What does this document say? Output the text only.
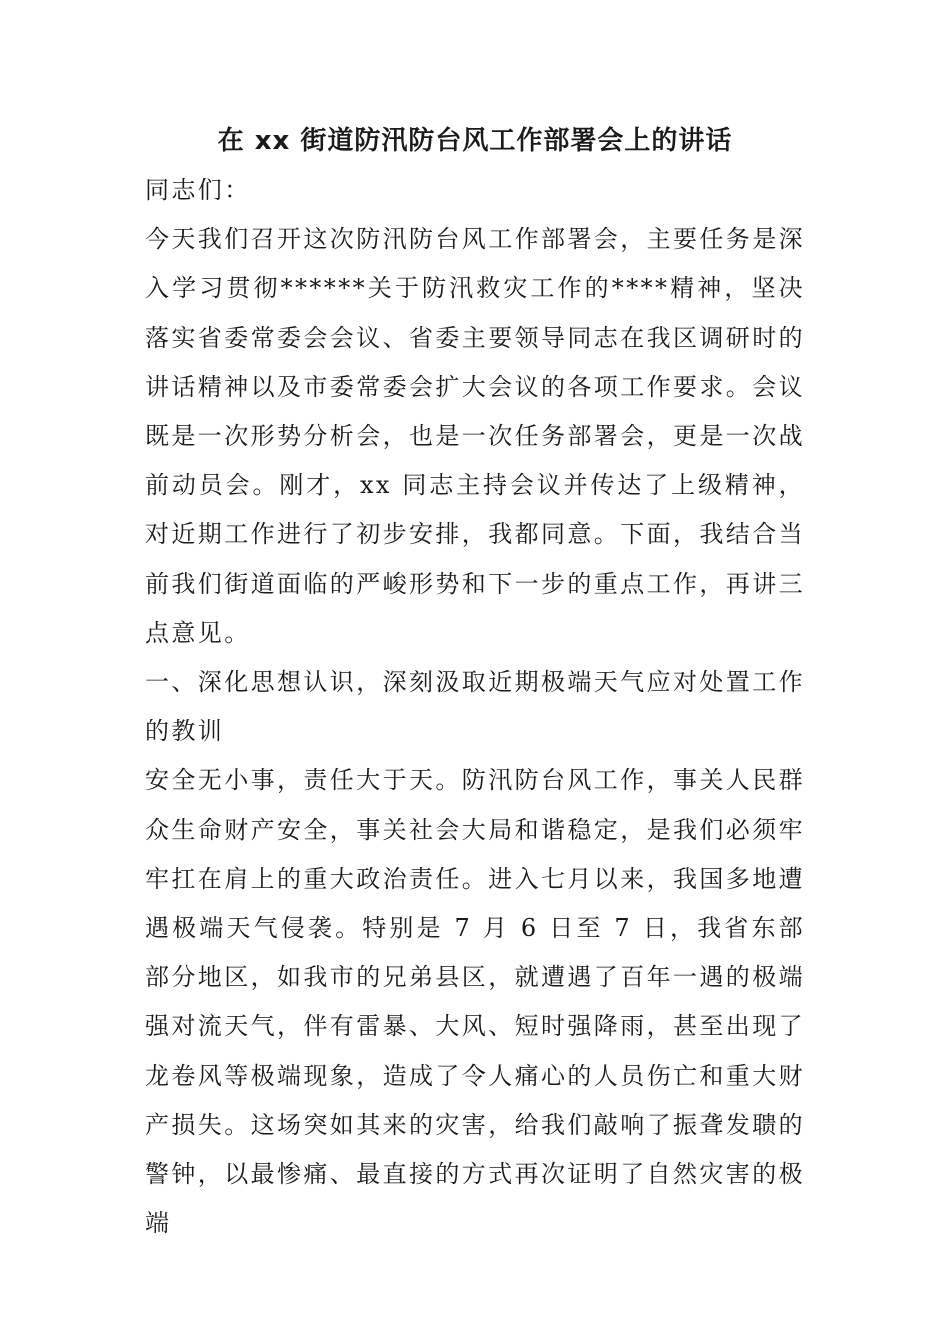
在 xx 街道防汛防台风工作部署会上的讲话

同志们：

今天我们召开这次防汛防台风工作部署会，主要任务是深入学习贯彻******关于防汛救灾工作的****精神，坚决落实省委常委会会议、省委主要领导同志在我区调研时的讲话精神以及市委常委会扩大会议的各项工作要求。会议既是一次形势分析会，也是一次任务部署会，更是一次战前动员会。刚才，xx 同志主持会议并传达了上级精神，对近期工作进行了初步安排，我都同意。下面，我结合当前我们街道面临的严峻形势和下一步的重点工作，再讲三点意见。

一、深化思想认识，深刻汲取近期极端天气应对处置工作的教训

安全无小事，责任大于天。防汛防台风工作，事关人民群众生命财产安全，事关社会大局和谐稳定，是我们必须牢牢扛在肩上的重大政治责任。进入七月以来，我国多地遭遇极端天气侵袭。特别是 7 月 6 日至 7 日，我省东部部分地区，如我市的兄弟县区，就遭遇了百年一遇的极端强对流天气，伴有雷暴、大风、短时强降雨，甚至出现了龙卷风等极端现象，造成了令人痛心的人员伤亡和重大财产损失。这场突如其来的灾害，给我们敲响了振聋发聩的警钟，以最惨痛、最直接的方式再次证明了自然灾害的极端
